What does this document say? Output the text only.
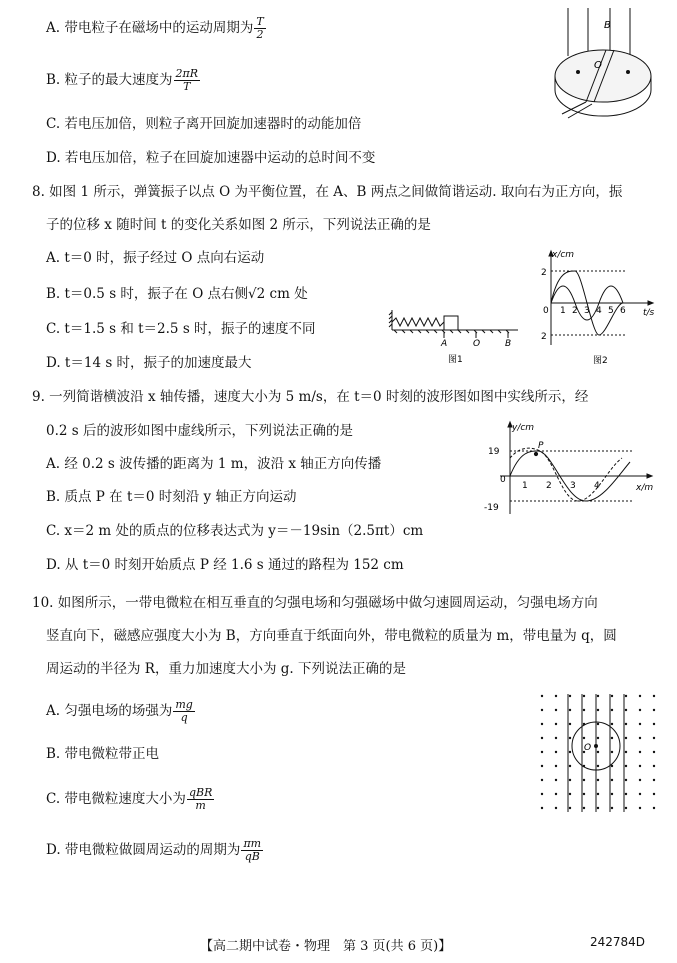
A. 带电粒子在磁场中的运动周期为 $\frac{T}{2}$
B. 粒子的最大速度为 $\frac{2\pi R}{T}$
C. 若电压加倍，则粒子离开回旋加速器时的动能加倍
D. 若电压加倍，粒子在回旋加速器中运动的总时间不变
B
O
8. 如图 1 所示，弹簧振子以点 O 为平衡位置，在 A、B 两点之间做简谐运动. 取向右为正方向，振
子的位移 x 随时间 t 的变化关系如图 2 所示，下列说法正确的是
A. t＝0 时，振子经过 O 点向右运动
B. t＝0.5 s 时，振子在 O 点右侧√2 cm 处
C. t＝1.5 s 和 t＝2.5 s 时，振子的速度不同
D. t＝14 s 时，振子的加速度最大
A	O	B
图1
x/cm
t/s
2
2
0 1 2 3 4 5 6
图2
9. 一列简谐横波沿 x 轴传播，速度大小为 5 m/s，在 t＝0 时刻的波形图如图中实线所示，经
0.2 s 后的波形如图中虚线所示，下列说法正确的是
A. 经 0.2 s 波传播的距离为 1 m，波沿 x 轴正方向传播
B. 质点 P 在 t＝0 时刻沿 y 轴正方向运动
C. x＝2 m 处的质点的位移表达式为 y＝－19sin（2.5πt）cm
D. 从 t＝0 时刻开始质点 P 经 1.6 s 通过的路程为 152 cm
y/cm
x/m
P
19
-19
0
1 2 3 4
10. 如图所示，一带电微粒在相互垂直的匀强电场和匀强磁场中做匀速圆周运动，匀强电场方向
竖直向下，磁感应强度大小为 B，方向垂直于纸面向外，带电微粒的质量为 m，带电量为 q，圆
周运动的半径为 R，重力加速度大小为 g. 下列说法正确的是
A. 匀强电场的场强为 $\frac{mg}{q}$
B. 带电微粒带正电
C. 带电微粒速度大小为 $\frac{\text{qBR}}{m}$
D. 带电微粒做圆周运动的周期为 $\frac{\pi m}{qB}$
O
【高二期中试卷・物理　第 3 页(共 6 页)】	242784D
